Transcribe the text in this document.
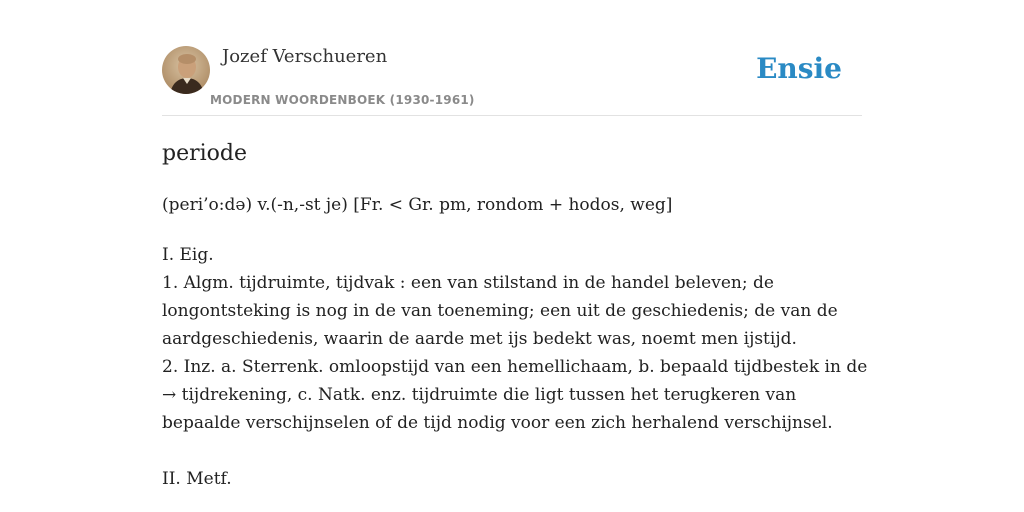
Jozef Verschueren
MODERN WOORDENBOEK (1930-1961)
Ensie
periode
(peri’o:də) v.(-n,-st je) [Fr. < Gr. pm, rondom + hodos, weg]
I. Eig.
1. Algm. tijdruimte, tijdvak : een van stilstand in de handel beleven; de
longontsteking is nog in de van toeneming; een uit de geschiedenis; de van de
aardgeschiedenis, waarin de aarde met ijs bedekt was, noemt men ijstijd.
2. Inz. a. Sterrenk. omloopstijd van een hemellichaam, b. bepaald tijdbestek in de
→ tijdrekening, c. Natk. enz. tijdruimte die ligt tussen het terugkeren van
bepaalde verschijnselen of de tijd nodig voor een zich herhalend verschijnsel.
II. Metf.
